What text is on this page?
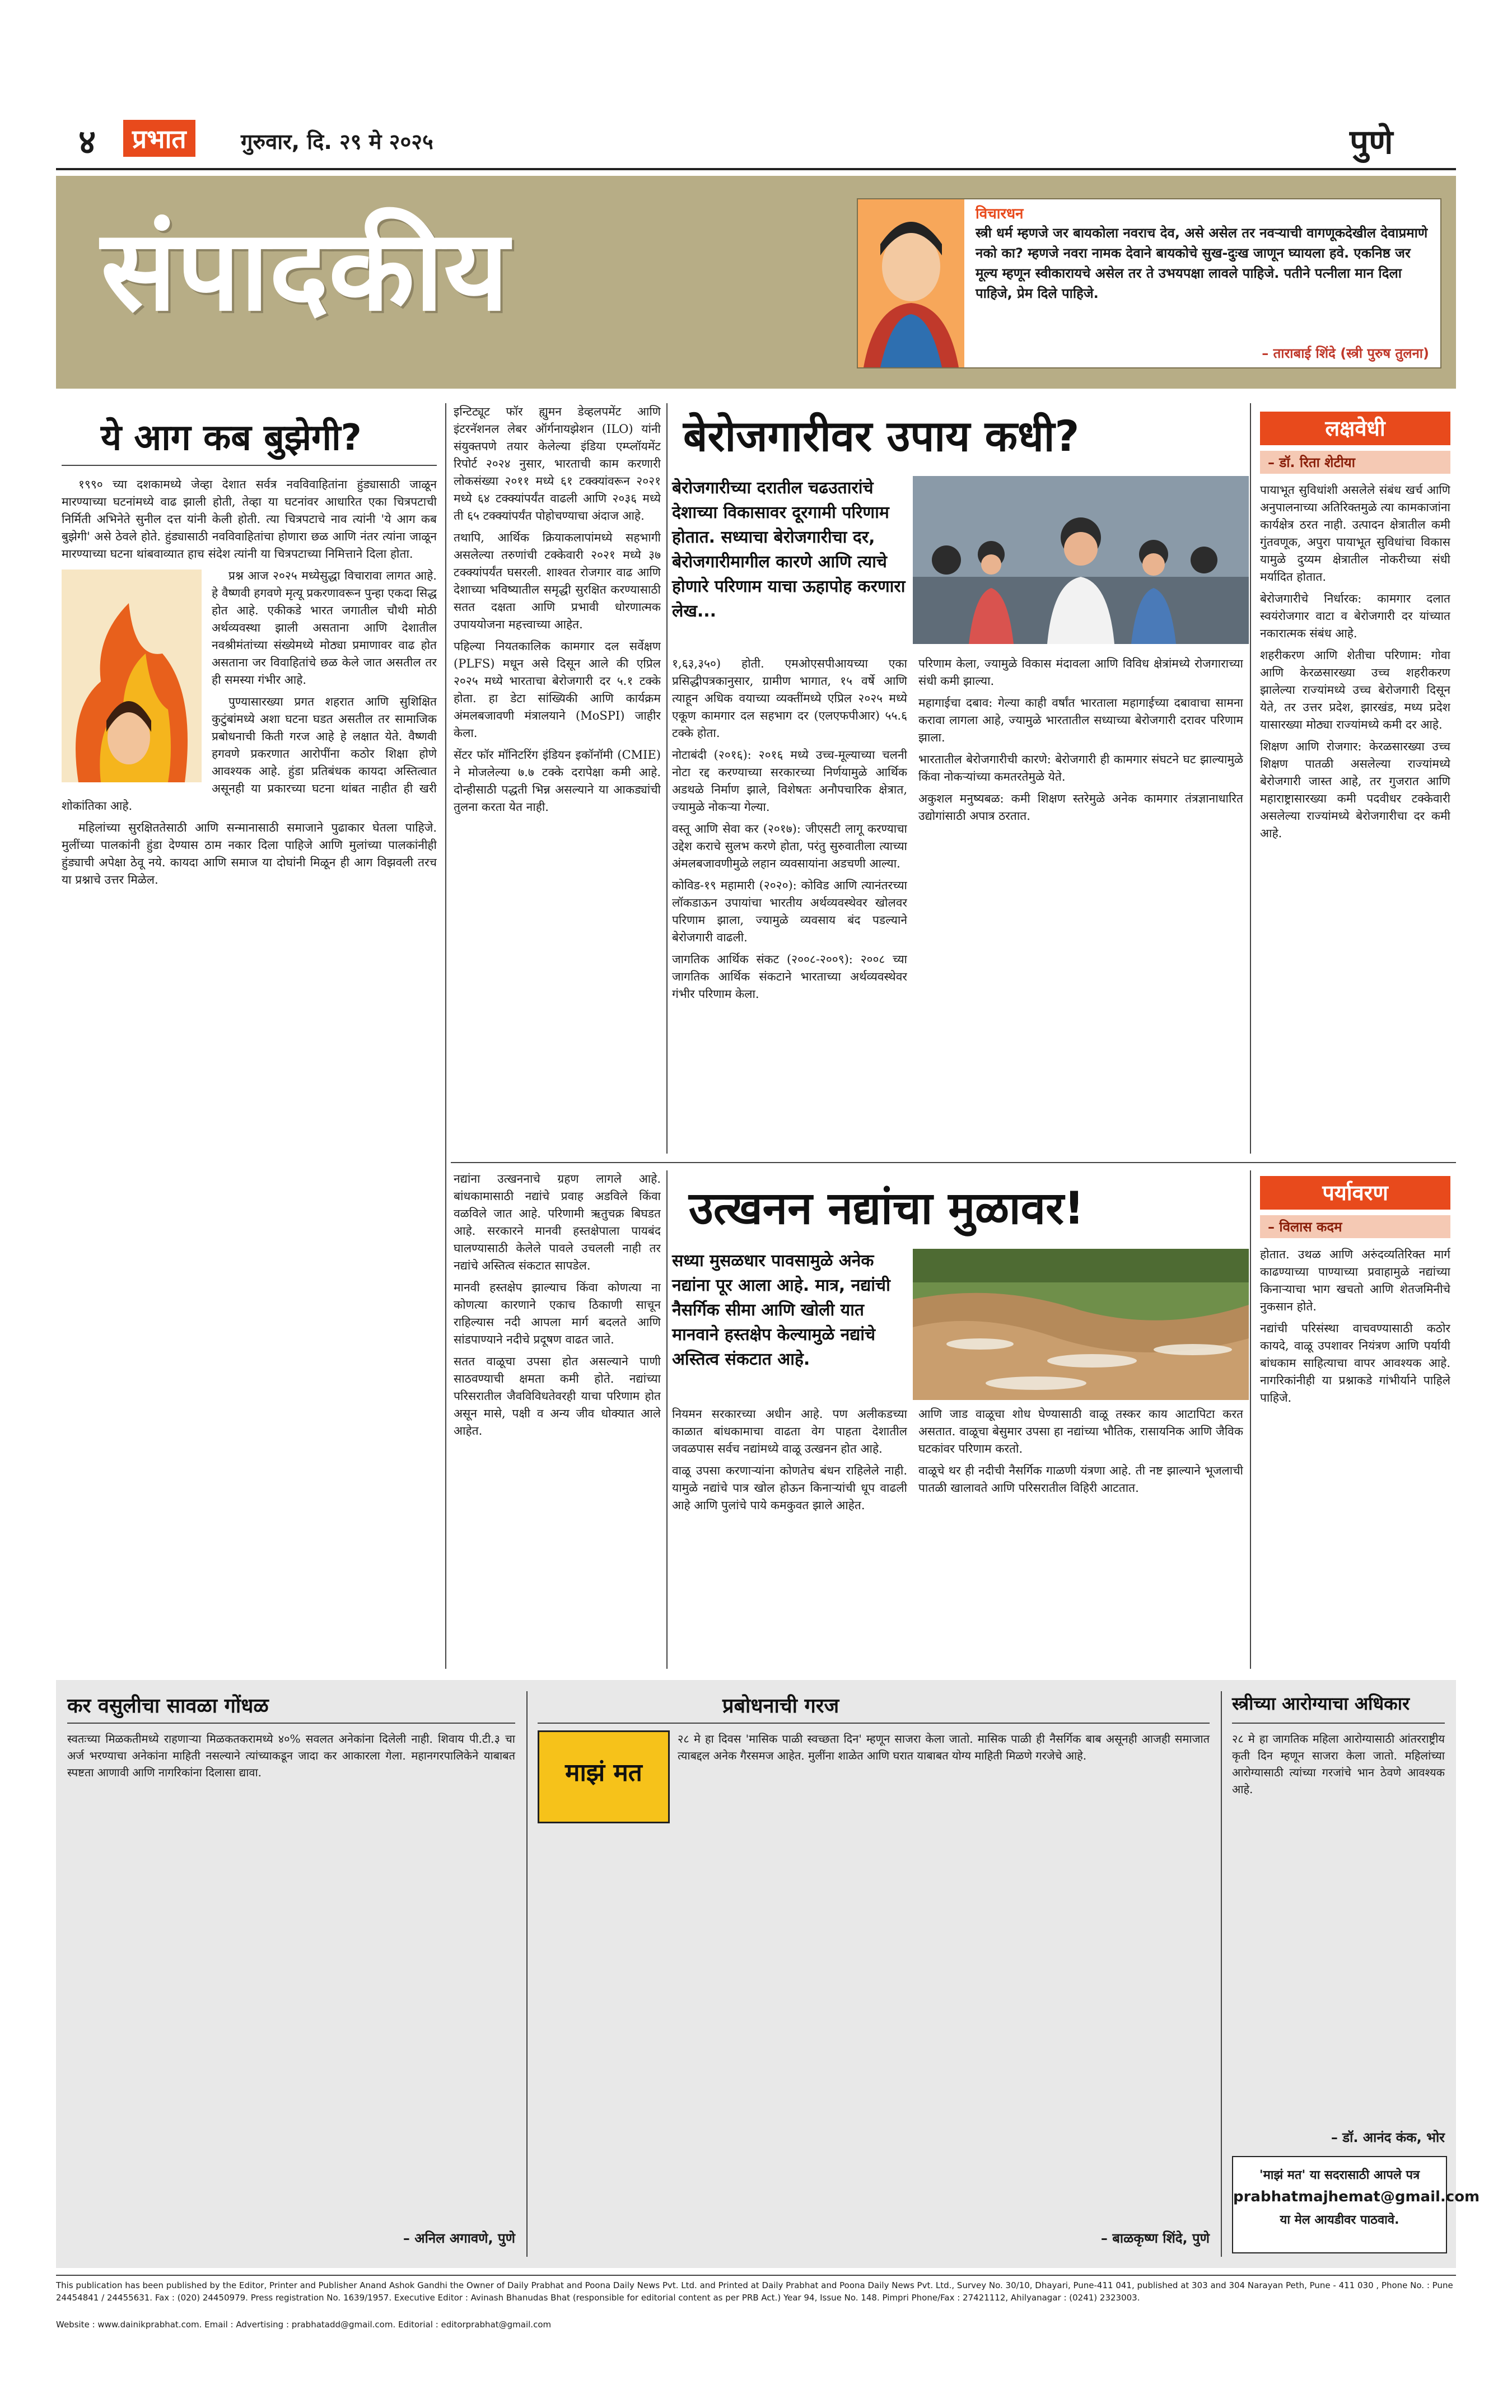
४	प्रभात	गुरुवार, दि. २९ मे २०२५	पुणे
संपादकीय	विचारधन
स्त्री धर्म म्हणजे जर बायकोला नवराच देव, असे असेल तर नवऱ्याची वागणूकदेखील देवाप्रमाणे नको का? म्हणजे नवरा नामक देवाने बायकोचे सुख-दुःख जाणून घ्यायला हवे. एकनिष्ठ जर मूल्य म्हणून स्वीकारायचे असेल तर ते उभयपक्षा लावले पाहिजे. पतीने पत्नीला मान दिला पाहिजे, प्रेम दिले पाहिजे.
– ताराबाई शिंदे (स्त्री पुरुष तुलना)
ये आग कब बुझेगी?

१९९० च्या दशकामध्ये जेव्हा देशात सर्वत्र नवविवाहितांना हुंड्यासाठी जाळून मारण्याच्या घटनांमध्ये वाढ झाली होती, तेव्हा या घटनांवर आधारित एका चित्रपटाची निर्मिती अभिनेते सुनील दत्त यांनी केली होती. त्या चित्रपटाचे नाव त्यांनी 'ये आग कब बुझेगी' असे ठेवले होते. हुंड्यासाठी नवविवाहितांचा होणारा छळ आणि नंतर त्यांना जाळून मारण्याच्या घटना थांबवाव्यात हाच संदेश त्यांनी या चित्रपटाच्या निमित्ताने दिला होता.

प्रश्न आज २०२५ मध्येसुद्धा विचारावा लागत आहे. हे वैष्णवी हगवणे मृत्यू प्रकरणावरून पुन्हा एकदा सिद्ध होत आहे. एकीकडे भारत जगातील चौथी मोठी अर्थव्यवस्था झाली असताना आणि देशातील नवश्रीमंतांच्या संख्येमध्ये मोठ्या प्रमाणावर वाढ होत असताना जर विवाहितांचे छळ केले जात असतील तर ही समस्या गंभीर आहे.

पुण्यासारख्या प्रगत शहरात आणि सुशिक्षित कुटुंबांमध्ये अशा घटना घडत असतील तर सामाजिक प्रबोधनाची किती गरज आहे हे लक्षात येते. वैष्णवी हगवणे प्रकरणात आरोपींना कठोर शिक्षा होणे आवश्यक आहे. हुंडा प्रतिबंधक कायदा अस्तित्वात असूनही या प्रकारच्या घटना थांबत नाहीत ही खरी शोकांतिका आहे.

महिलांच्या सुरक्षिततेसाठी आणि सन्मानासाठी समाजाने पुढाकार घेतला पाहिजे. मुलींच्या पालकांनी हुंडा देण्यास ठाम नकार दिला पाहिजे आणि मुलांच्या पालकांनीही हुंड्याची अपेक्षा ठेवू नये. कायदा आणि समाज या दोघांनी मिळून ही आग विझवली तरच या प्रश्नाचे उत्तर मिळेल.

बेरोजगारीवर उपाय कधी?

इन्टिट्यूट फॉर ह्युमन डेव्हलपमेंट आणि इंटरनॅशनल लेबर ऑर्गनायझेशन (ILO) यांनी संयुक्तपणे तयार केलेल्या इंडिया एम्प्लॉयमेंट रिपोर्ट २०२४ नुसार, भारताची काम करणारी लोकसंख्या २०११ मध्ये ६१ टक्क्यांवरून २०२१ मध्ये ६४ टक्क्यांपर्यंत वाढली आणि २०३६ मध्ये ती ६५ टक्क्यांपर्यंत पोहोचण्याचा अंदाज आहे.

तथापि, आर्थिक क्रियाकलापांमध्ये सहभागी असलेल्या तरुणांची टक्केवारी २०२१ मध्ये ३७ टक्क्यांपर्यंत घसरली. शाश्वत रोजगार वाढ आणि देशाच्या भविष्यातील समृद्धी सुरक्षित करण्यासाठी सतत दक्षता आणि प्रभावी धोरणात्मक उपाययोजना महत्त्वाच्या आहेत.

पहिल्या नियतकालिक कामगार दल सर्वेक्षण (PLFS) मधून असे दिसून आले की एप्रिल २०२५ मध्ये भारताचा बेरोजगारी दर ५.१ टक्के होता. हा डेटा सांख्यिकी आणि कार्यक्रम अंमलबजावणी मंत्रालयाने (MoSPI) जाहीर केला.

सेंटर फॉर मॉनिटरिंग इंडियन इकॉनॉमी (CMIE) ने मोजलेल्या ७.७ टक्के दरापेक्षा कमी आहे. दोन्हीसाठी पद्धती भिन्न असल्याने या आकड्यांची तुलना करता येत नाही.

बेरोजगारीच्या दरातील चढउतारांचे देशाच्या विकासावर दूरगामी परिणाम होतात. सध्याचा बेरोजगारीचा दर, बेरोजगारीमागील कारणे आणि त्याचे होणारे परिणाम याचा ऊहापोह करणारा लेख...

१,६३,३५०) होती. एमओएसपीआयच्या एका प्रसिद्धीपत्रकानुसार, ग्रामीण भागात, १५ वर्षे आणि त्याहून अधिक वयाच्या व्यक्तींमध्ये एप्रिल २०२५ मध्ये एकूण कामगार दल सहभाग दर (एलएफपीआर) ५५.६ टक्के होता.

नोटाबंदी (२०१६): २०१६ मध्ये उच्च-मूल्याच्या चलनी नोटा रद्द करण्याच्या सरकारच्या निर्णयामुळे आर्थिक अडथळे निर्माण झाले, विशेषतः अनौपचारिक क्षेत्रात, ज्यामुळे नोकऱ्या गेल्या.

वस्तू आणि सेवा कर (२०१७): जीएसटी लागू करण्याचा उद्देश कराचे सुलभ करणे होता, परंतु सुरुवातीला त्याच्या अंमलबजावणीमुळे लहान व्यवसायांना अडचणी आल्या.

कोविड-१९ महामारी (२०२०): कोविड आणि त्यानंतरच्या लॉकडाऊन उपायांचा भारतीय अर्थव्यवस्थेवर खोलवर परिणाम झाला, ज्यामुळे व्यवसाय बंद पडल्याने बेरोजगारी वाढली.

जागतिक आर्थिक संकट (२००८-२००९): २००८ च्या जागतिक आर्थिक संकटाने भारताच्या अर्थव्यवस्थेवर गंभीर परिणाम केला.

परिणाम केला, ज्यामुळे विकास मंदावला आणि विविध क्षेत्रांमध्ये रोजगाराच्या संधी कमी झाल्या.

महागाईचा दबाव: गेल्या काही वर्षांत भारताला महागाईच्या दबावाचा सामना करावा लागला आहे, ज्यामुळे भारतातील सध्याच्या बेरोजगारी दरावर परिणाम झाला.

भारतातील बेरोजगारीची कारणे: बेरोजगारी ही कामगार संघटने घट झाल्यामुळे किंवा नोकऱ्यांच्या कमतरतेमुळे येते.

अकुशल मनुष्यबळ: कमी शिक्षण स्तरेमुळे अनेक कामगार तंत्रज्ञानाधारित उद्योगांसाठी अपात्र ठरतात.

लक्षवेधी
– डॉ. रिता शेटीया

पायाभूत सुविधांशी असलेले संबंध खर्च आणि अनुपालनाच्या अतिरिक्तमुळे त्या कामकाजांना कार्यक्षेत्र ठरत नाही. उत्पादन क्षेत्रातील कमी गुंतवणूक, अपुरा पायाभूत सुविधांचा विकास यामुळे दुय्यम क्षेत्रातील नोकरीच्या संधी मर्यादित होतात.

बेरोजगारीचे निर्धारक: कामगार दलात स्वयंरोजगार वाटा व बेरोजगारी दर यांच्यात नकारात्मक संबंध आहे.

शहरीकरण आणि शेतीचा परिणाम: गोवा आणि केरळसारख्या उच्च शहरीकरण झालेल्या राज्यांमध्ये उच्च बेरोजगारी दिसून येते, तर उत्तर प्रदेश, झारखंड, मध्य प्रदेश यासारख्या मोठ्या राज्यांमध्ये कमी दर आहे.

शिक्षण आणि रोजगार: केरळसारख्या उच्च शिक्षण पातळी असलेल्या राज्यांमध्ये बेरोजगारी जास्त आहे, तर गुजरात आणि महाराष्ट्रासारख्या कमी पदवीधर टक्केवारी असलेल्या राज्यांमध्ये बेरोजगारीचा दर कमी आहे.

उत्खनन नद्यांचा मुळावर!

नद्यांना उत्खननाचे ग्रहण लागले आहे. बांधकामासाठी नद्यांचे प्रवाह अडविले किंवा वळविले जात आहे. परिणामी ऋतुचक्र बिघडत आहे. सरकारने मानवी हस्तक्षेपाला पायबंद घालण्यासाठी केलेले पावले उचलली नाही तर नद्यांचे अस्तित्व संकटात सापडेल.

मानवी हस्तक्षेप झाल्याच किंवा कोणत्या ना कोणत्या कारणाने एकाच ठिकाणी साचून राहिल्यास नदी आपला मार्ग बदलते आणि सांडपाण्याने नदीचे प्रदूषण वाढत जाते.

सतत वाळूचा उपसा होत असल्याने पाणी साठवण्याची क्षमता कमी होते. नद्यांच्या परिसरातील जैवविविधतेवरही याचा परिणाम होत असून मासे, पक्षी व अन्य जीव धोक्यात आले आहेत.

सध्या मुसळधार पावसामुळे अनेक नद्यांना पूर आला आहे. मात्र, नद्यांची नैसर्गिक सीमा आणि खोली यात मानवाने हस्तक्षेप केल्यामुळे नद्यांचे अस्तित्व संकटात आहे.

नियमन सरकारच्या अधीन आहे. पण अलीकडच्या काळात बांधकामाचा वाढता वेग पाहता देशातील जवळपास सर्वच नद्यांमध्ये वाळू उत्खनन होत आहे.

वाळू उपसा करणाऱ्यांना कोणतेच बंधन राहिलेले नाही. यामुळे नद्यांचे पात्र खोल होऊन किनाऱ्यांची धूप वाढली आहे आणि पुलांचे पाये कमकुवत झाले आहेत.

आणि जाड वाळूचा शोध घेण्यासाठी वाळू तस्कर काय आटापिटा करत असतात. वाळूचा बेसुमार उपसा हा नद्यांच्या भौतिक, रासायनिक आणि जैविक घटकांवर परिणाम करतो.

वाळूचे थर ही नदीची नैसर्गिक गाळणी यंत्रणा आहे. ती नष्ट झाल्याने भूजलाची पातळी खालावते आणि परिसरातील विहिरी आटतात.

पर्यावरण
– विलास कदम

होतात. उथळ आणि अरुंदव्यतिरिक्त मार्ग काढण्याच्या पाण्याच्या प्रवाहामुळे नद्यांच्या किनाऱ्याचा भाग खचतो आणि शेतजमिनीचे नुकसान होते.

नद्यांची परिसंस्था वाचवण्यासाठी कठोर कायदे, वाळू उपशावर नियंत्रण आणि पर्यायी बांधकाम साहित्याचा वापर आवश्यक आहे. नागरिकांनीही या प्रश्नाकडे गांभीर्याने पाहिले पाहिजे.

कर वसुलीचा सावळा गोंधळ

स्वतःच्या मिळकतीमध्ये राहणाऱ्या मिळकतकरामध्ये ४०% सवलत अनेकांना दिलेली नाही. शिवाय पी.टी.३ चा अर्ज भरण्याचा अनेकांना माहिती नसल्याने त्यांच्याकडून जादा कर आकारला गेला. महानगरपालिकेने याबाबत स्पष्टता आणावी आणि नागरिकांना दिलासा द्यावा.

– अनिल अगावणे, पुणे
प्रबोधनाची गरज
माझं मत

२८ मे हा दिवस 'मासिक पाळी स्वच्छता दिन' म्हणून साजरा केला जातो. मासिक पाळी ही नैसर्गिक बाब असूनही आजही समाजात त्याबद्दल अनेक गैरसमज आहेत. मुलींना शाळेत आणि घरात याबाबत योग्य माहिती मिळणे गरजेचे आहे.

– बाळकृष्ण शिंदे, पुणे
स्त्रीच्या आरोग्याचा अधिकार

२८ मे हा जागतिक महिला आरोग्यासाठी आंतरराष्ट्रीय कृती दिन म्हणून साजरा केला जातो. महिलांच्या आरोग्यासाठी त्यांच्या गरजांचे भान ठेवणे आवश्यक आहे.

– डॉ. आनंद कंक, भोर
'माझं मत' या सदरासाठी आपले पत्र
prabhatmajhemat@gmail.com
या मेल आयडीवर पाठवावे.
This publication has been published by the Editor, Printer and Publisher Anand Ashok Gandhi the Owner of Daily Prabhat and Poona Daily News Pvt. Ltd. and Printed at Daily Prabhat and Poona Daily News Pvt. Ltd., Survey No. 30/10, Dhayari, Pune-411 041, published at 303 and 304 Narayan Peth, Pune - 411 030 , Phone No. : Pune 24454841 / 24455631. Fax : (020) 24450979. Press registration No. 1639/1957. Executive Editor : Avinash Bhanudas Bhat (responsible for editorial content as per PRB Act.) Year 94, Issue No. 148. Pimpri Phone/Fax : 27421112, Ahilyanagar : (0241) 2323003.
Website : www.dainikprabhat.com. Email : Advertising : prabhatadd@gmail.com. Editorial : editorprabhat@gmail.com
